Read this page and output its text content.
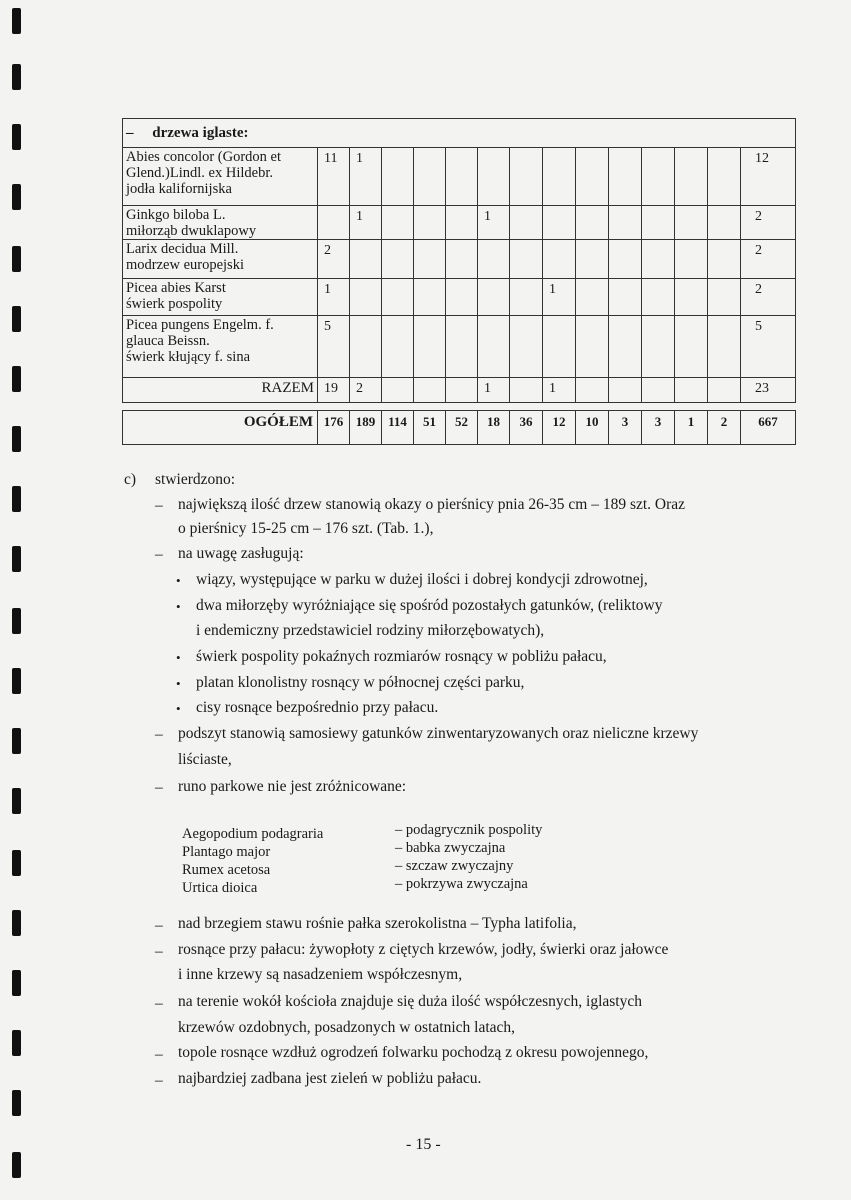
–     drzewa iglaste:														

Abies concolor (Gordon et
Glend.)Lindl. ex Hildebr.
jodła kalifornijska	11	1												12

Ginkgo biloba L.
miłorząb dwuklapowy		1				1								2

Larix decidua Mill.
modrzew europejski	2													2

Picea abies Karst
świerk pospolity	1							1						2

Picea pungens Engelm. f.
glauca Beissn.
świerk kłujący f. sina	5													5
RAZEM	19	2				1		1						23
OGÓŁEM	176	189	114	51	52	18	36	12	10	3	3	1	2	667
c) stwierdzono:
– największą ilość drzew stanowią okazy o pierśnicy pnia 26-35 cm – 189 szt. Oraz
o pierśnicy 15-25 cm – 176 szt. (Tab. 1.),
– na uwagę zasługują:
• wiązy, występujące w parku w dużej ilości i dobrej kondycji zdrowotnej,
• dwa miłorzęby wyróżniające się spośród pozostałych gatunków, (reliktowy
i endemiczny przedstawiciel rodziny miłorzębowatych),
• świerk pospolity pokaźnych rozmiarów rosnący w pobliżu pałacu,
• platan klonolistny rosnący w północnej części parku,
• cisy rosnące bezpośrednio przy pałacu.
– podszyt stanowią samosiewy gatunków zinwentaryzowanych oraz nieliczne krzewy
liściaste,
– runo parkowe nie jest zróżnicowane:
Aegopodium podagraria	– podagrycznik pospolity
Plantago major	– babka zwyczajna
Rumex acetosa	– szczaw zwyczajny
Urtica dioica	– pokrzywa zwyczajna
– nad brzegiem stawu rośnie pałka szerokolistna – Typha latifolia,
– rosnące przy pałacu: żywopłoty z ciętych krzewów, jodły, świerki oraz jałowce
i inne krzewy są nasadzeniem współczesnym,
– na terenie wokół kościoła znajduje się duża ilość współczesnych, iglastych
krzewów ozdobnych, posadzonych w ostatnich latach,
– topole rosnące wzdłuż ogrodzeń folwarku pochodzą z okresu powojennego,
– najbardziej zadbana jest zieleń w pobliżu pałacu.
- 15 -
